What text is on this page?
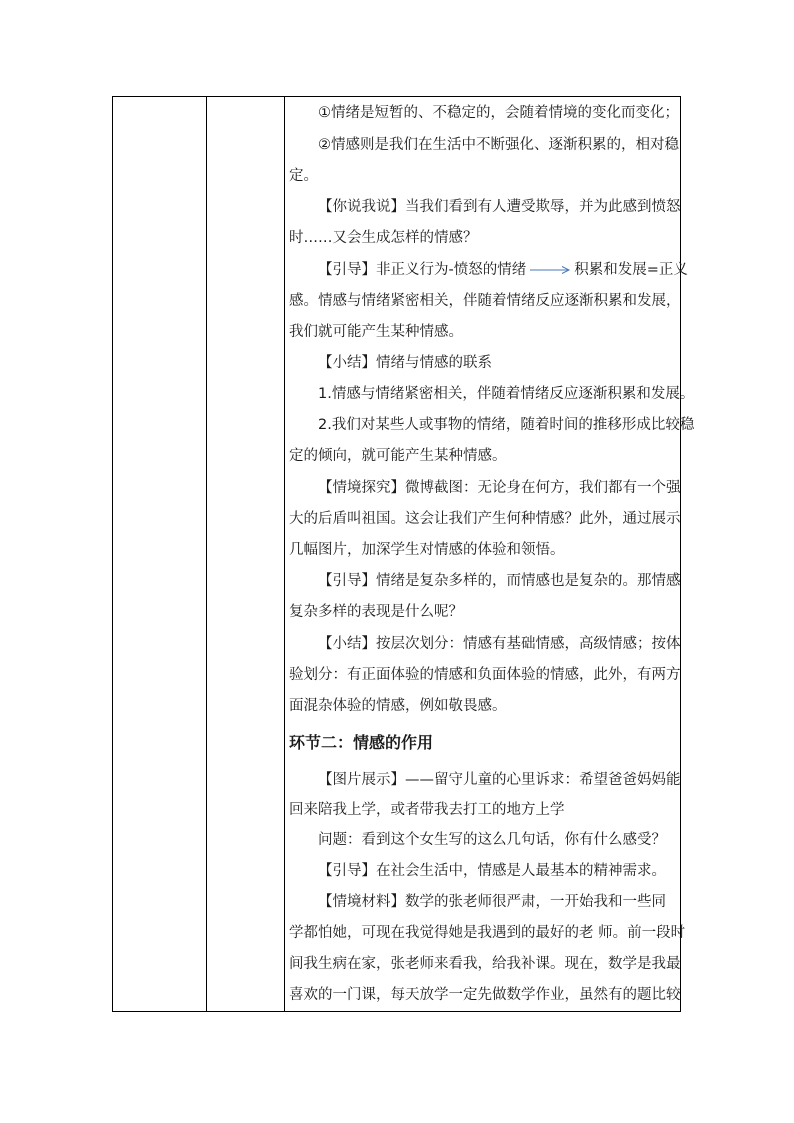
①情绪是短暂的、不稳定的，会随着情境的变化而变化；
②情感则是我们在生活中不断强化、逐渐积累的，相对稳
定。
【你说我说】当我们看到有人遭受欺辱，并为此感到愤怒
时……又会生成怎样的情感？
【引导】非正义行为-愤怒的情绪	积累和发展=正义
感。情感与情绪紧密相关，伴随着情绪反应逐渐积累和发展，
我们就可能产生某种情感。
【小结】情绪与情感的联系
1.情感与情绪紧密相关，伴随着情绪反应逐渐积累和发展。
2.我们对某些人或事物的情绪，随着时间的推移形成比较稳
定的倾向，就可能产生某种情感。
【情境探究】微博截图：无论身在何方，我们都有一个强
大的后盾叫祖国。这会让我们产生何种情感？此外，通过展示
几幅图片，加深学生对情感的体验和领悟。
【引导】情绪是复杂多样的，而情感也是复杂的。那情感
复杂多样的表现是什么呢？
【小结】按层次划分：情感有基础情感，高级情感；按体
验划分：有正面体验的情感和负面体验的情感，此外，有两方
面混杂体验的情感，例如敬畏感。
环节二：情感的作用
【图片展示】——留守儿童的心里诉求：希望爸爸妈妈能
回来陪我上学，或者带我去打工的地方上学
问题：看到这个女生写的这么几句话，你有什么感受？
【引导】在社会生活中，情感是人最基本的精神需求。
【情境材料】数学的张老师很严肃，一开始我和一些同
学都怕她，可现在我觉得她是我遇到的最好的老 师。前一段时
间我生病在家，张老师来看我，给我补课。现在，数学是我最
喜欢的一门课，每天放学一定先做数学作业，虽然有的题比较
